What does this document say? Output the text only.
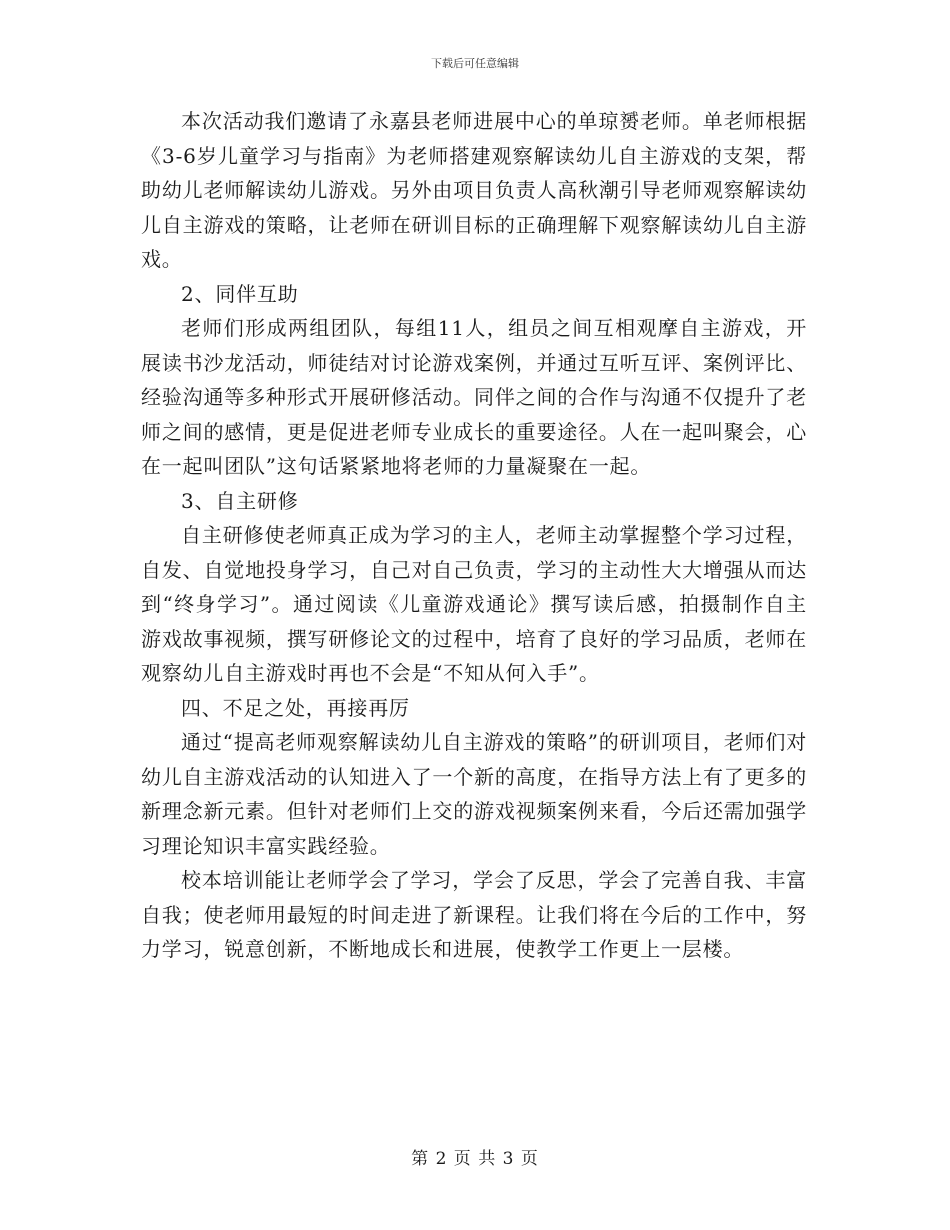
下载后可任意编辑

本次活动我们邀请了永嘉县老师进展中心的单琼赟老师。单老师根据《3-6岁儿童学习与指南》为老师搭建观察解读幼儿自主游戏的支架，帮助幼儿老师解读幼儿游戏。另外由项目负责人高秋潮引导老师观察解读幼儿自主游戏的策略，让老师在研训目标的正确理解下观察解读幼儿自主游戏。

2、同伴互助

老师们形成两组团队，每组11人，组员之间互相观摩自主游戏，开展读书沙龙活动，师徒结对讨论游戏案例，并通过互听互评、案例评比、经验沟通等多种形式开展研修活动。同伴之间的合作与沟通不仅提升了老师之间的感情，更是促进老师专业成长的重要途径。人在一起叫聚会，心在一起叫团队”这句话紧紧地将老师的力量凝聚在一起。

3、自主研修

自主研修使老师真正成为学习的主人，老师主动掌握整个学习过程，自发、自觉地投身学习，自己对自己负责，学习的主动性大大增强从而达到“终身学习”。通过阅读《儿童游戏通论》撰写读后感，拍摄制作自主游戏故事视频，撰写研修论文的过程中，培育了良好的学习品质，老师在观察幼儿自主游戏时再也不会是“不知从何入手”。

四、不足之处，再接再厉

通过“提高老师观察解读幼儿自主游戏的策略”的研训项目，老师们对幼儿自主游戏活动的认知进入了一个新的高度，在指导方法上有了更多的新理念新元素。但针对老师们上交的游戏视频案例来看，今后还需加强学习理论知识丰富实践经验。

校本培训能让老师学会了学习，学会了反思，学会了完善自我、丰富自我；使老师用最短的时间走进了新课程。让我们将在今后的工作中，努力学习，锐意创新，不断地成长和进展，使教学工作更上一层楼。

第 2 页 共 3 页
